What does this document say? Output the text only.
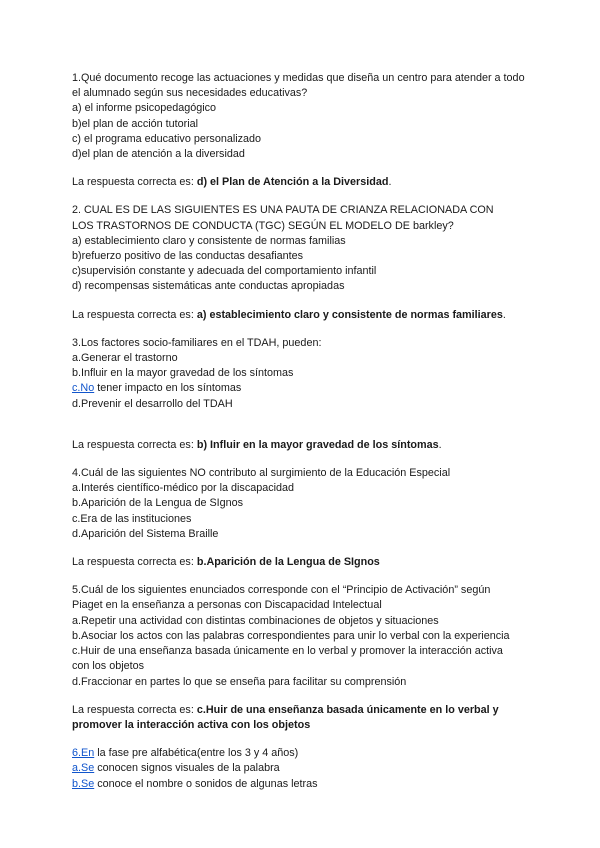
1.Qué documento recoge las actuaciones y medidas que diseña un centro para atender a todo el alumnado según sus necesidades educativas?
a) el informe psicopedagógico
b)el plan de acción tutorial
c) el programa educativo personalizado
d)el plan de atención a la diversidad
La respuesta correcta es: d) el Plan de Atención a la Diversidad.
2. CUAL ES DE LAS SIGUIENTES ES UNA PAUTA DE CRIANZA RELACIONADA CON
LOS TRASTORNOS DE CONDUCTA (TGC) SEGÚN EL MODELO DE barkley?
a) establecimiento claro y consistente de normas familias
b)refuerzo positivo de las conductas desafiantes
c)supervisión constante y adecuada del comportamiento infantil
d) recompensas sistemáticas ante conductas apropiadas
La respuesta correcta es: a) establecimiento claro y consistente de normas familiares.
3.Los factores socio-familiares en el TDAH, pueden:
a.Generar el trastorno
b.Influir en la mayor gravedad de los síntomas
c.No tener impacto en los síntomas
d.Prevenir el desarrollo del TDAH
La respuesta correcta es: b) Influir en la mayor gravedad de los síntomas.
4.Cuál de las siguientes NO contributo al surgimiento de la Educación Especial
a.Interés científico-médico por la discapacidad
b.Aparición de la Lengua de SIgnos
c.Era de las instituciones
d.Aparición del Sistema Braille
La respuesta correcta es: b.Aparición de la Lengua de SIgnos
5.Cuál de los siguientes enunciados corresponde con el “Principio de Activación” según
Piaget en la enseñanza a personas con Discapacidad Intelectual
a.Repetir una actividad con distintas combinaciones de objetos y situaciones
b.Asociar los actos con las palabras correspondientes para unir lo verbal con la experiencia
c.Huir de una enseñanza basada únicamente en lo verbal y promover la interacción activa
con los objetos
d.Fraccionar en partes lo que se enseña para facilitar su comprensión
La respuesta correcta es: c.Huir de una enseñanza basada únicamente en lo verbal y
promover la interacción activa con los objetos
6.En la fase pre alfabética(entre los 3 y 4 años)
a.Se conocen signos visuales de la palabra
b.Se conoce el nombre o sonidos de algunas letras
